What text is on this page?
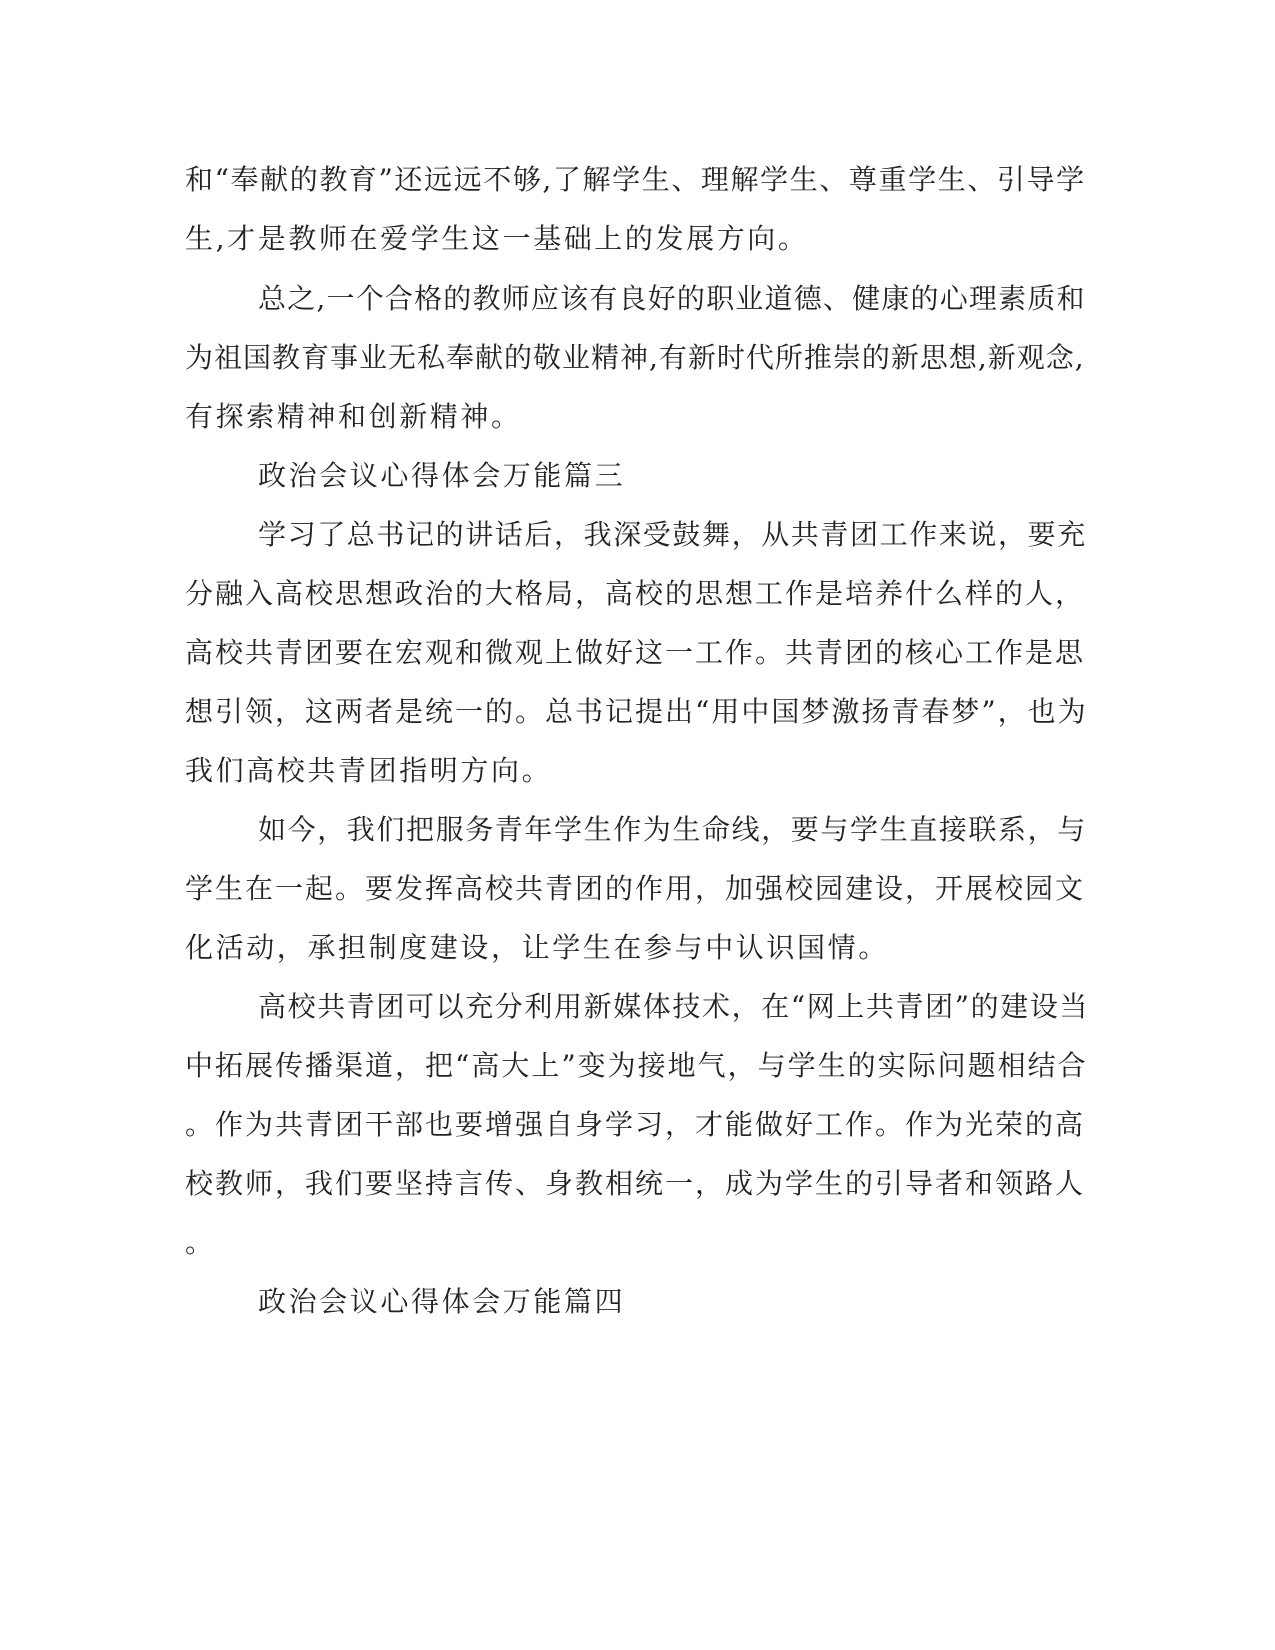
和“奉献的教育”还远远不够,了解学生、理解学生、尊重学生、引导学

生,才是教师在爱学生这一基础上的发展方向。

总之,一个合格的教师应该有良好的职业道德、健康的心理素质和

为祖国教育事业无私奉献的敬业精神,有新时代所推崇的新思想,新观念,

有探索精神和创新精神。

政治会议心得体会万能篇三

学习了总书记的讲话后，我深受鼓舞，从共青团工作来说，要充

分融入高校思想政治的大格局，高校的思想工作是培养什么样的人，

高校共青团要在宏观和微观上做好这一工作。共青团的核心工作是思

想引领，这两者是统一的。总书记提出“用中国梦激扬青春梦”，也为

我们高校共青团指明方向。

如今，我们把服务青年学生作为生命线，要与学生直接联系，与

学生在一起。要发挥高校共青团的作用，加强校园建设，开展校园文

化活动，承担制度建设，让学生在参与中认识国情。

高校共青团可以充分利用新媒体技术，在“网上共青团”的建设当

中拓展传播渠道，把“高大上”变为接地气，与学生的实际问题相结合

。作为共青团干部也要增强自身学习，才能做好工作。作为光荣的高

校教师，我们要坚持言传、身教相统一，成为学生的引导者和领路人

。

政治会议心得体会万能篇四
